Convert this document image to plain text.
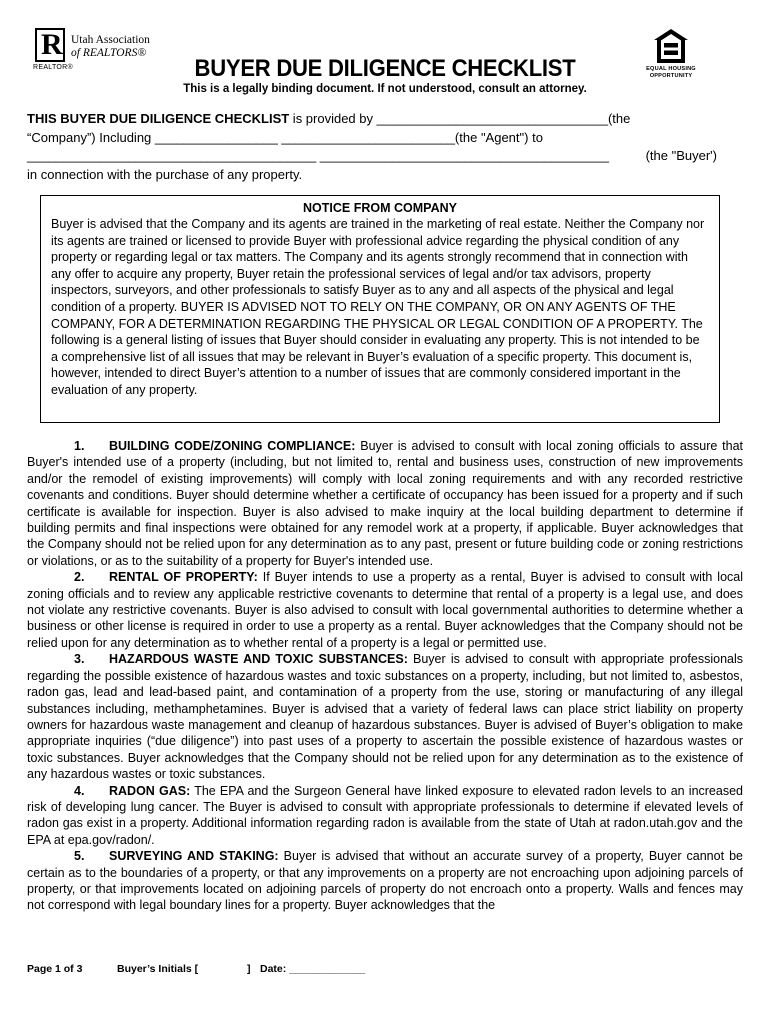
R
REALTOR®
Utah Association
of REALTORS®
EQUAL HOUSING
OPPORTUNITY
BUYER DUE DILIGENCE CHECKLIST
This is a legally binding document. If not understood, consult an attorney.
THIS BUYER DUE DILIGENCE CHECKLIST is provided by ________________________________(the
“Company”) Including _________________ ________________________(the "Agent") to
________________________________________ ________________________________________	(the "Buyer')
in connection with the purchase of any property.
NOTICE FROM COMPANY
Buyer is advised that the Company and its agents are trained in the marketing of real estate. Neither the Company nor its agents are trained or licensed to provide Buyer with professional advice regarding the physical condition of any property or regarding legal or tax matters. The Company and its agents strongly recommend that in connection with any offer to acquire any property, Buyer retain the professional services of legal and/or tax advisors, property inspectors, surveyors, and other professionals to satisfy Buyer as to any and all aspects of the physical and legal condition of a property. BUYER IS ADVISED NOT TO RELY ON THE COMPANY, OR ON ANY AGENTS OF THE COMPANY, FOR A DETERMINATION REGARDING THE PHYSICAL OR LEGAL CONDITION OF A PROPERTY. The following is a general listing of issues that Buyer should consider in evaluating any property. This is not intended to be a comprehensive list of all issues that may be relevant in Buyer’s evaluation of a specific property. This document is, however, intended to direct Buyer’s attention to a number of issues that are commonly considered important in the evaluation of any property.

1. BUILDING CODE/ZONING COMPLIANCE: Buyer is advised to consult with local zoning officials to assure that Buyer's intended use of a property (including, but not limited to, rental and business uses, construction of new improvements and/or the remodel of existing improvements) will comply with local zoning requirements and with any recorded restrictive covenants and conditions. Buyer should determine whether a certificate of occupancy has been issued for a property and if such certificate is available for inspection. Buyer is also advised to make inquiry at the local building department to determine if building permits and final inspections were obtained for any remodel work at a property, if applicable. Buyer acknowledges that the Company should not be relied upon for any determination as to any past, present or future building code or zoning restrictions or violations, or as to the suitability of a property for Buyer's intended use.

2. RENTAL OF PROPERTY: If Buyer intends to use a property as a rental, Buyer is advised to consult with local zoning officials and to review any applicable restrictive covenants to determine that rental of a property is a legal use, and does not violate any restrictive covenants. Buyer is also advised to consult with local governmental authorities to determine whether a business or other license is required in order to use a property as a rental. Buyer acknowledges that the Company should not be relied upon for any determination as to whether rental of a property is a legal or permitted use.

3. HAZARDOUS WASTE AND TOXIC SUBSTANCES: Buyer is advised to consult with appropriate professionals regarding the possible existence of hazardous wastes and toxic substances on a property, including, but not limited to, asbestos, radon gas, lead and lead-based paint, and contamination of a property from the use, storing or manufacturing of any illegal substances including, methamphetamines. Buyer is advised that a variety of federal laws can place strict liability on property owners for hazardous waste management and cleanup of hazardous substances. Buyer is advised of Buyer’s obligation to make appropriate inquiries (“due diligence”) into past uses of a property to ascertain the possible existence of hazardous wastes or toxic substances. Buyer acknowledges that the Company should not be relied upon for any determination as to the existence of any hazardous wastes or toxic substances.

4. RADON GAS: The EPA and the Surgeon General have linked exposure to elevated radon levels to an increased risk of developing lung cancer. The Buyer is advised to consult with appropriate professionals to determine if elevated levels of radon gas exist in a property. Additional information regarding radon is available from the state of Utah at radon.utah.gov and the EPA at epa.gov/radon/.

5. SURVEYING AND STAKING: Buyer is advised that without an accurate survey of a property, Buyer cannot be certain as to the boundaries of a property, or that any improvements on a property are not encroaching upon adjoining parcels of property, or that improvements located on adjoining parcels of property do not encroach onto a property. Walls and fences may not correspond with legal boundary lines for a property. Buyer acknowledges that the

Page 1 of 3	Buyer’s Initials [	] Date: _____________
